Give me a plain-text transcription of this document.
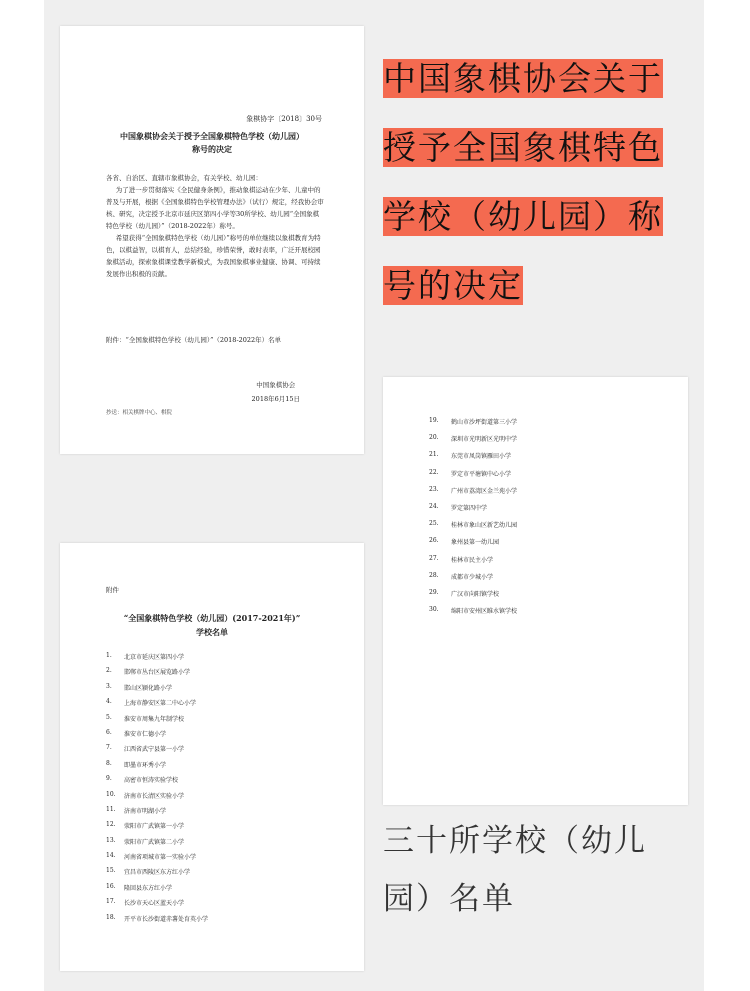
象棋协字〔2018〕30号
中国象棋协会关于授予全国象棋特色学校（幼儿园）
称号的决定

各省、自治区、直辖市象棋协会，有关学校、幼儿园：

为了进一步贯彻落实《全民健身条例》，推动象棋运动在少年、儿童中的普及与开展，根据《全国象棋特色学校管理办法》（试行）规定，经我协会审核、研究，决定授予北京市延庆区第四小学等30所学校、幼儿园“全国象棋特色学校（幼儿园）”（2018-2022年）称号。

希望获得“全国象棋特色学校（幼儿园）”称号的单位继续以象棋教育为特色，以棋益智，以棋育人，总结经验，珍惜荣誉，敢时表率，广泛开展校园象棋活动，探索象棋课堂教学新模式，为我国象棋事业健康、协调、可持续发展作出积极的贡献。

附件：“全国象棋特色学校（幼儿园）”（2018-2022年）名单
中国象棋协会
2018年6月15日
抄送：相关棋牌中心、棋院
附件
“全国象棋特色学校（幼儿园）(2017-2021年)”
学校名单
1.	北京市延庆区第四小学
2.	邯郸市丛台区展览路小学
3.	邯山区颍化路小学
4.	上海市静安区第二中心小学
5.	淮安市周集九年制学校
6.	淮安市仁德小学
7.	江西省武宁县第一小学
8.	即墨市环秀小学
9.	高密市恒涛实验学校
10.	济南市长清区实验小学
11.	济南市明湖小学
12.	荥阳市广武镇第一小学
13.	荥阳市广武镇第二小学
14.	河南省项城市第一实验小学
15.	宜昌市西陵区东方红小学
16.	隆回县东方红小学
17.	长沙市天心区蓝天小学
18.	开平市长沙街道赤薯处育英小学
19.	鹤山市沙坪街道第三小学
20.	深圳市光明新区光明中学
21.	东莞市凤岗镇雁田小学
22.	罗定市平塘镇中心小学
23.	广州市荔湾区金兰苑小学
24.	罗定第四中学
25.	桂林市象山区新艺幼儿园
26.	象州县第一幼儿园
27.	桂林市民主小学
28.	成都市少城小学
29.	广汉市向阳镇学校
30.	绵阳市安州区睢水镇学校
中国象棋协会关于授予全国象棋特色学校（幼儿园）称号的决定
三十所学校（幼儿园）名单
